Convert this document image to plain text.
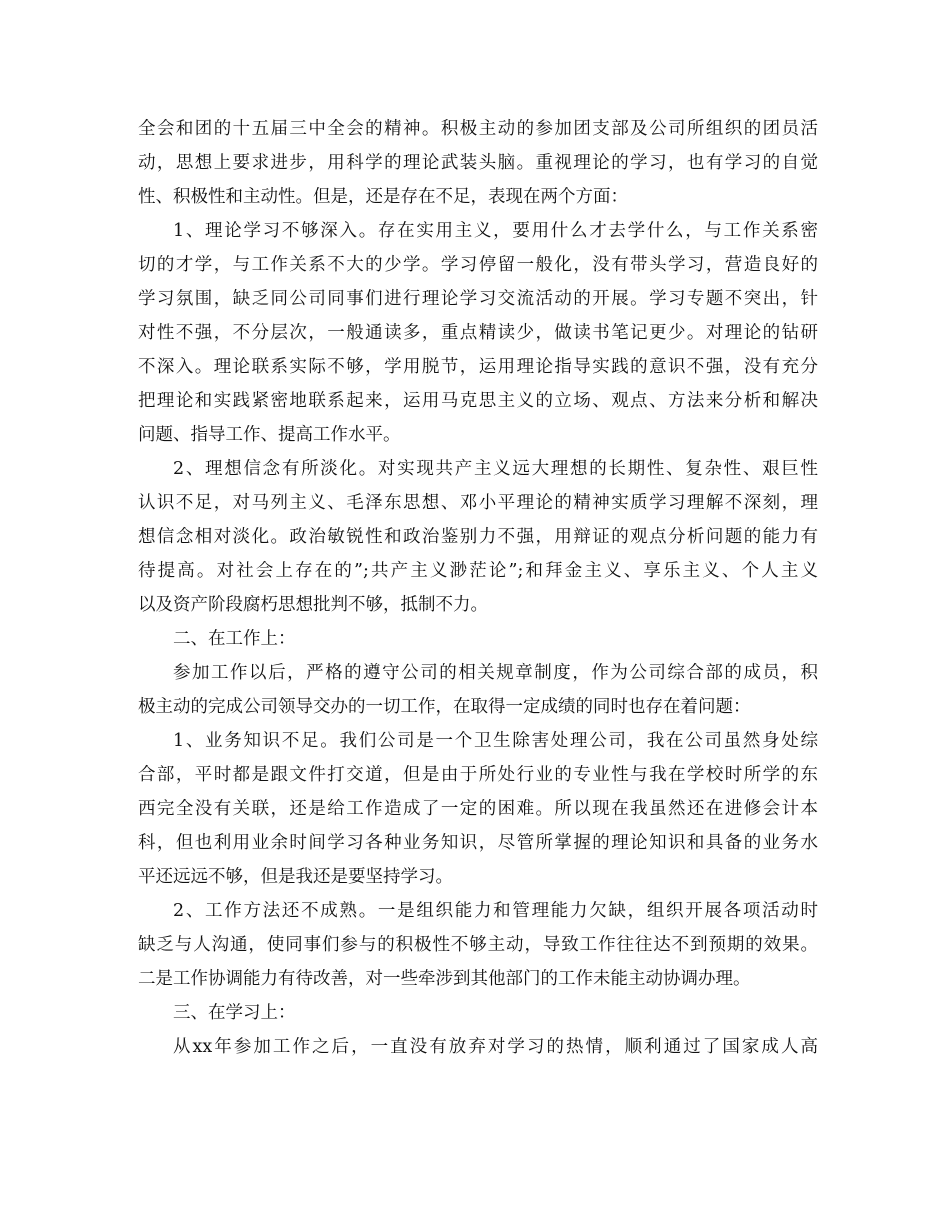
全会和团的十五届三中全会的精神。积极主动的参加团支部及公司所组织的团员活
动，思想上要求进步，用科学的理论武装头脑。重视理论的学习，也有学习的自觉
性、积极性和主动性。但是，还是存在不足，表现在两个方面：
1、理论学习不够深入。存在实用主义，要用什么才去学什么，与工作关系密
切的才学，与工作关系不大的少学。学习停留一般化，没有带头学习，营造良好的
学习氛围，缺乏同公司同事们进行理论学习交流活动的开展。学习专题不突出，针
对性不强，不分层次，一般通读多，重点精读少，做读书笔记更少。对理论的钻研
不深入。理论联系实际不够，学用脱节，运用理论指导实践的意识不强，没有充分
把理论和实践紧密地联系起来，运用马克思主义的立场、观点、方法来分析和解决
问题、指导工作、提高工作水平。
2、理想信念有所淡化。对实现共产主义远大理想的长期性、复杂性、艰巨性
认识不足，对马列主义、毛泽东思想、邓小平理论的精神实质学习理解不深刻，理
想信念相对淡化。政治敏锐性和政治鉴别力不强，用辩证的观点分析问题的能力有
待提高。对社会上存在的”;共产主义渺茫论”;和拜金主义、享乐主义、个人主义
以及资产阶段腐朽思想批判不够，抵制不力。
二、在工作上：
参加工作以后，严格的遵守公司的相关规章制度，作为公司综合部的成员，积
极主动的完成公司领导交办的一切工作，在取得一定成绩的同时也存在着问题：
1、业务知识不足。我们公司是一个卫生除害处理公司，我在公司虽然身处综
合部，平时都是跟文件打交道，但是由于所处行业的专业性与我在学校时所学的东
西完全没有关联，还是给工作造成了一定的困难。所以现在我虽然还在进修会计本
科，但也利用业余时间学习各种业务知识，尽管所掌握的理论知识和具备的业务水
平还远远不够，但是我还是要坚持学习。
2、工作方法还不成熟。一是组织能力和管理能力欠缺，组织开展各项活动时
缺乏与人沟通，使同事们参与的积极性不够主动，导致工作往往达不到预期的效果。
二是工作协调能力有待改善，对一些牵涉到其他部门的工作未能主动协调办理。
三、在学习上：
从xx年参加工作之后，一直没有放弃对学习的热情，顺利通过了国家成人高
